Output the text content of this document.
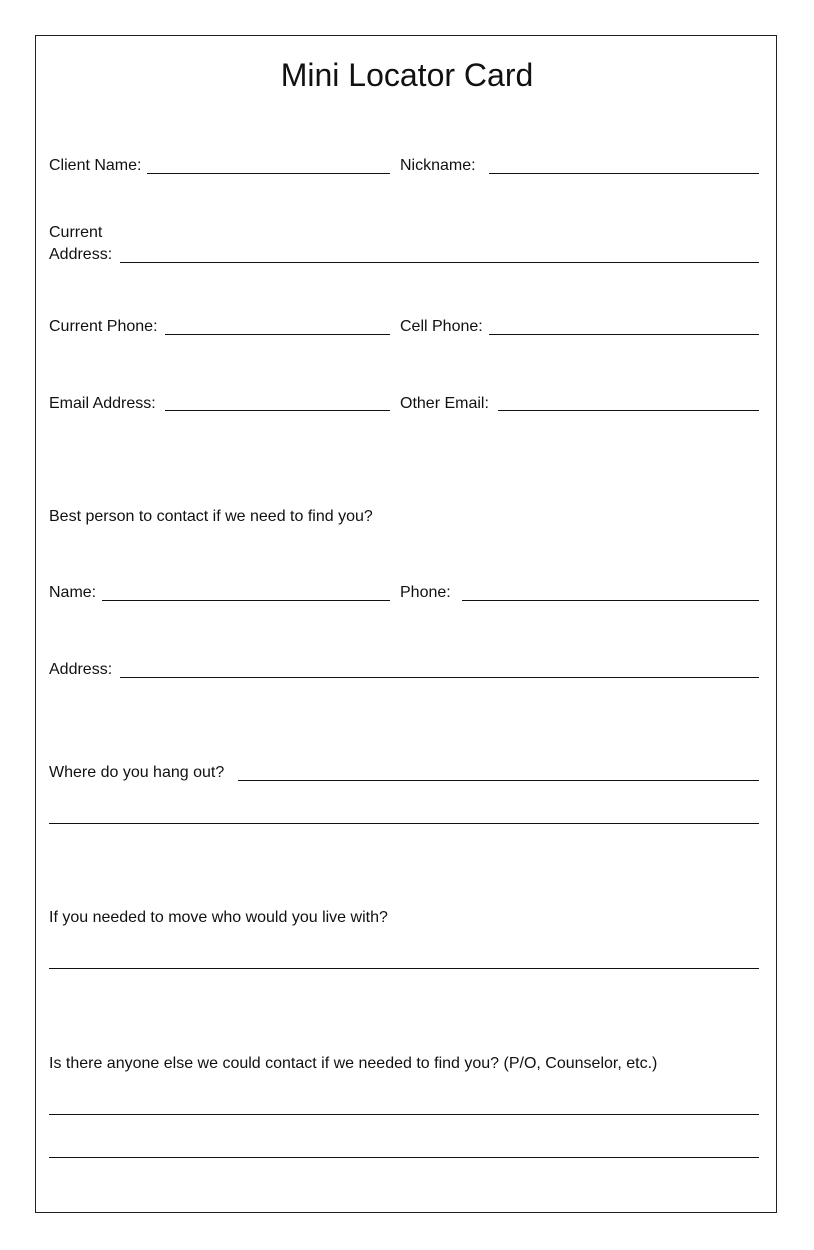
Mini Locator Card
Client Name:	Nickname:
Current
Address:
Current Phone:	Cell Phone:
Email Address:	Other Email:
Best person to contact if we need to find you?
Name:	Phone:
Address:
Where do you hang out?
If you needed to move who would you live with?
Is there anyone else we could contact if we needed to find you? (P/O, Counselor, etc.)
